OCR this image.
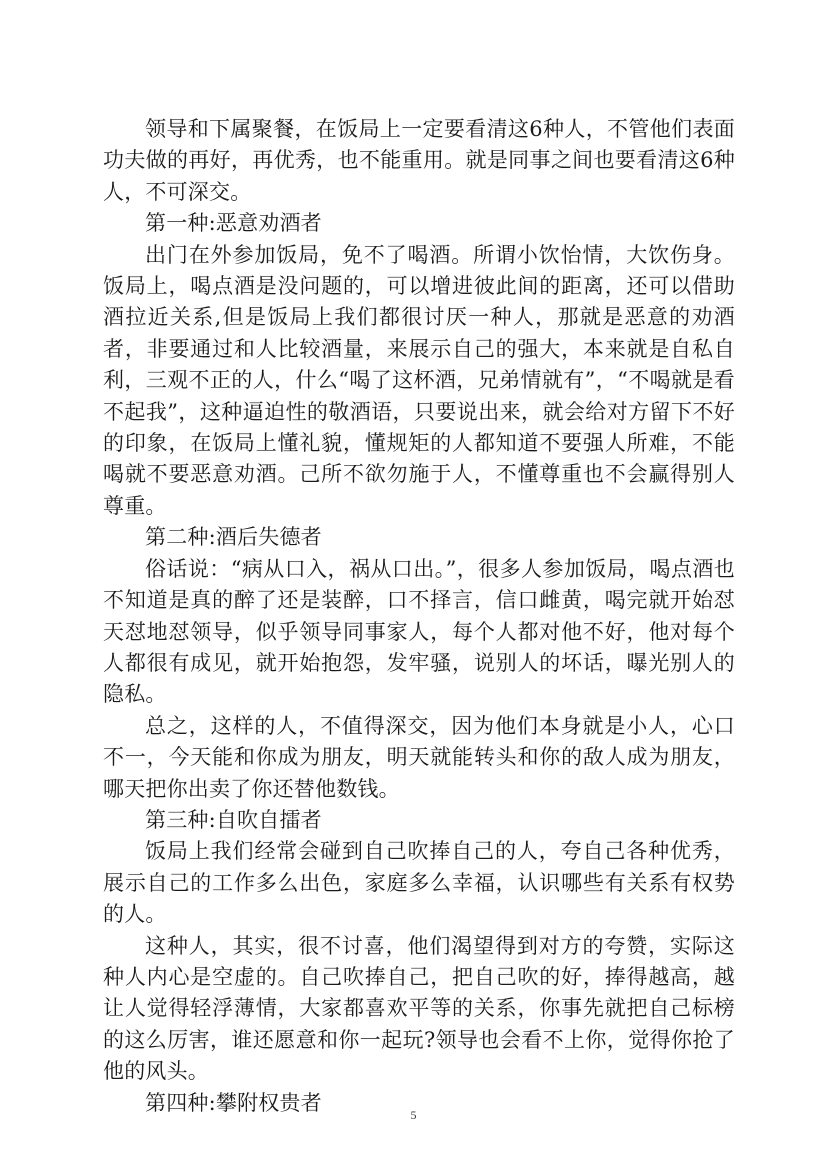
领导和下属聚餐，在饭局上一定要看清这6种人，不管他们表面功夫做的再好，再优秀，也不能重用。就是同事之间也要看清这6种人，不可深交。

第一种:恶意劝酒者

出门在外参加饭局，免不了喝酒。所谓小饮怡情，大饮伤身。饭局上，喝点酒是没问题的，可以增进彼此间的距离，还可以借助酒拉近关系,但是饭局上我们都很讨厌一种人，那就是恶意的劝酒者，非要通过和人比较酒量，来展示自己的强大，本来就是自私自利，三观不正的人，什么“喝了这杯酒，兄弟情就有”，“不喝就是看不起我”，这种逼迫性的敬酒语，只要说出来，就会给对方留下不好的印象，在饭局上懂礼貌，懂规矩的人都知道不要强人所难，不能喝就不要恶意劝酒。己所不欲勿施于人，不懂尊重也不会赢得别人尊重。

第二种:酒后失德者

俗话说：“病从口入，祸从口出。”，很多人参加饭局，喝点酒也不知道是真的醉了还是装醉，口不择言，信口雌黄，喝完就开始怼天怼地怼领导，似乎领导同事家人，每个人都对他不好，他对每个人都很有成见，就开始抱怨，发牢骚，说别人的坏话，曝光别人的隐私。

总之，这样的人，不值得深交，因为他们本身就是小人，心口不一，今天能和你成为朋友，明天就能转头和你的敌人成为朋友，哪天把你出卖了你还替他数钱。

第三种:自吹自擂者

饭局上我们经常会碰到自己吹捧自己的人，夸自己各种优秀，展示自己的工作多么出色，家庭多么幸福，认识哪些有关系有权势的人。

这种人，其实，很不讨喜，他们渴望得到对方的夸赞，实际这种人内心是空虚的。自己吹捧自己，把自己吹的好，捧得越高，越让人觉得轻浮薄情，大家都喜欢平等的关系，你事先就把自己标榜的这么厉害，谁还愿意和你一起玩?领导也会看不上你，觉得你抢了他的风头。

第四种:攀附权贵者

5
